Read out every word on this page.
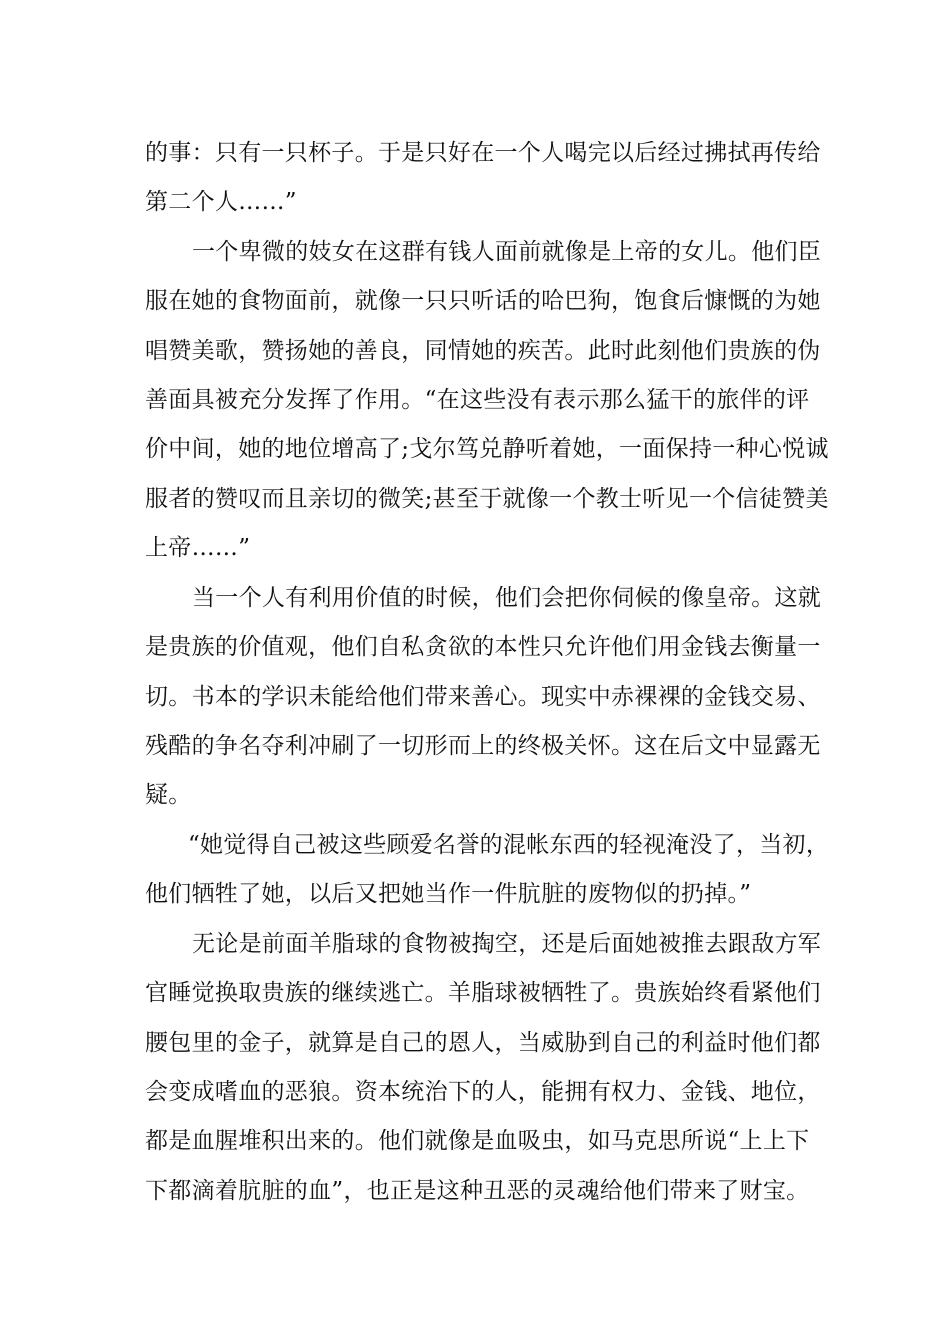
的事：只有一只杯子。于是只好在一个人喝完以后经过拂拭再传给
第二个人……”
一个卑微的妓女在这群有钱人面前就像是上帝的女儿。他们臣
服在她的食物面前，就像一只只听话的哈巴狗，饱食后慷慨的为她
唱赞美歌，赞扬她的善良，同情她的疾苦。此时此刻他们贵族的伪
善面具被充分发挥了作用。“在这些没有表示那么猛干的旅伴的评
价中间，她的地位增高了;戈尔笃兑静听着她，一面保持一种心悦诚
服者的赞叹而且亲切的微笑;甚至于就像一个教士听见一个信徒赞美
上帝……”
当一个人有利用价值的时候，他们会把你伺候的像皇帝。这就
是贵族的价值观，他们自私贪欲的本性只允许他们用金钱去衡量一
切。书本的学识未能给他们带来善心。现实中赤裸裸的金钱交易、
残酷的争名夺利冲刷了一切形而上的终极关怀。这在后文中显露无
疑。
“她觉得自己被这些顾爱名誉的混帐东西的轻视淹没了，当初，
他们牺牲了她，以后又把她当作一件肮脏的废物似的扔掉。”
无论是前面羊脂球的食物被掏空，还是后面她被推去跟敌方军
官睡觉换取贵族的继续逃亡。羊脂球被牺牲了。贵族始终看紧他们
腰包里的金子，就算是自己的恩人，当威胁到自己的利益时他们都
会变成嗜血的恶狼。资本统治下的人，能拥有权力、金钱、地位，
都是血腥堆积出来的。他们就像是血吸虫，如马克思所说“上上下
下都滴着肮脏的血”，也正是这种丑恶的灵魂给他们带来了财宝。
